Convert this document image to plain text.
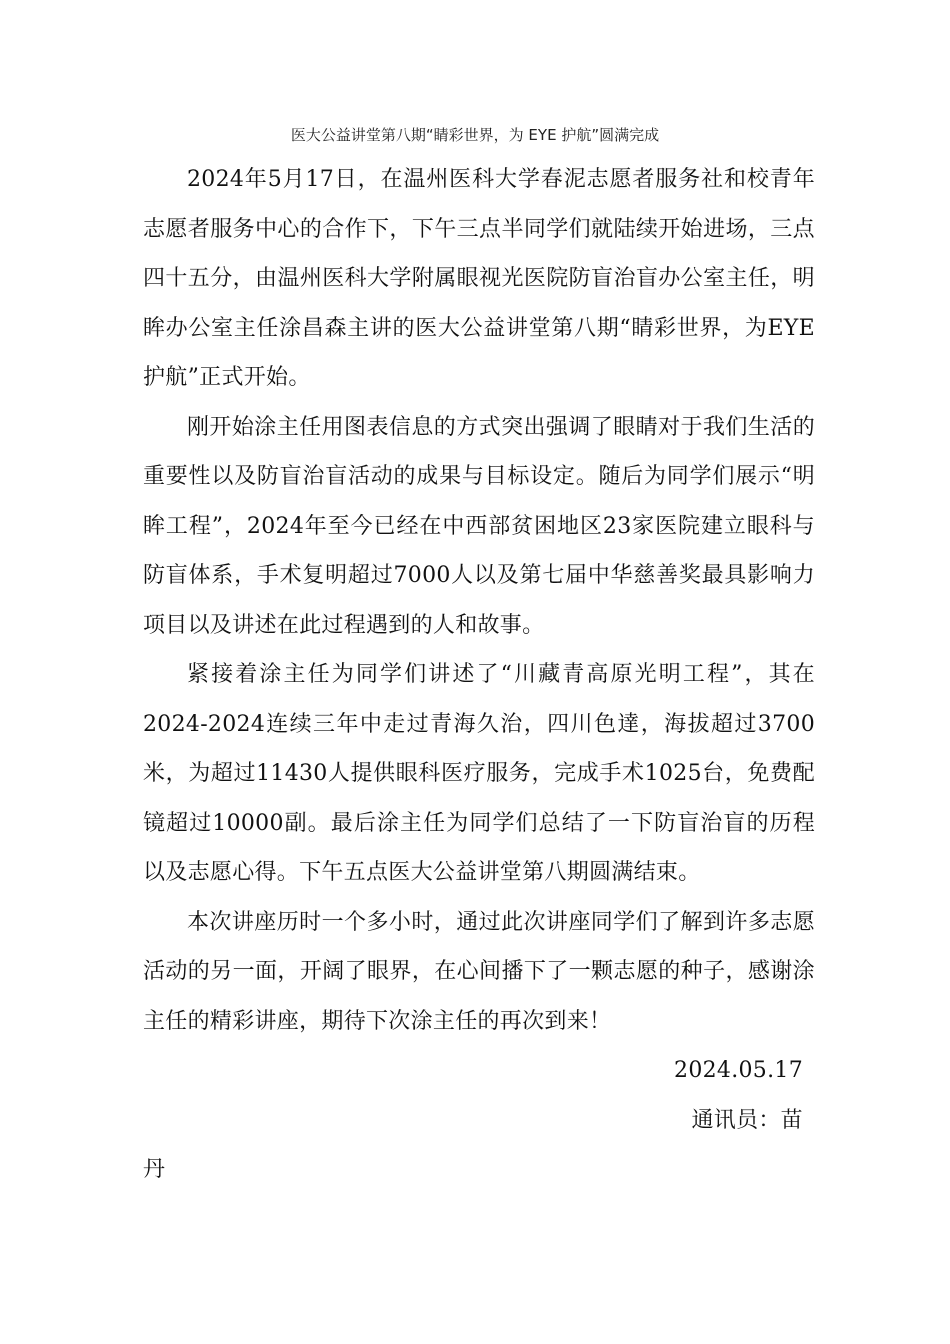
医大公益讲堂第八期“睛彩世界，为 EYE 护航”圆满完成

2024年5月17日，在温州医科大学春泥志愿者服务社和校青年志愿者服务中心的合作下，下午三点半同学们就陆续开始进场，三点四十五分，由温州医科大学附属眼视光医院防盲治盲办公室主任，明眸办公室主任涂昌森主讲的医大公益讲堂第八期“睛彩世界，为EYE护航”正式开始。

刚开始涂主任用图表信息的方式突出强调了眼睛对于我们生活的重要性以及防盲治盲活动的成果与目标设定。随后为同学们展示“明眸工程”，2024年至今已经在中西部贫困地区23家医院建立眼科与防盲体系，手术复明超过7000人以及第七届中华慈善奖最具影响力项目以及讲述在此过程遇到的人和故事。

紧接着涂主任为同学们讲述了“川藏青高原光明工程”，其在2024-2024连续三年中走过青海久治，四川色達，海拔超过3700米，为超过11430人提供眼科医疗服务，完成手术1025台，免费配镜超过10000副。最后涂主任为同学们总结了一下防盲治盲的历程以及志愿心得。下午五点医大公益讲堂第八期圆满结束。

本次讲座历时一个多小时，通过此次讲座同学们了解到许多志愿活动的另一面，开阔了眼界，在心间播下了一颗志愿的种子，感谢涂主任的精彩讲座，期待下次涂主任的再次到来！

2024.05.17

通讯员：苗

丹
